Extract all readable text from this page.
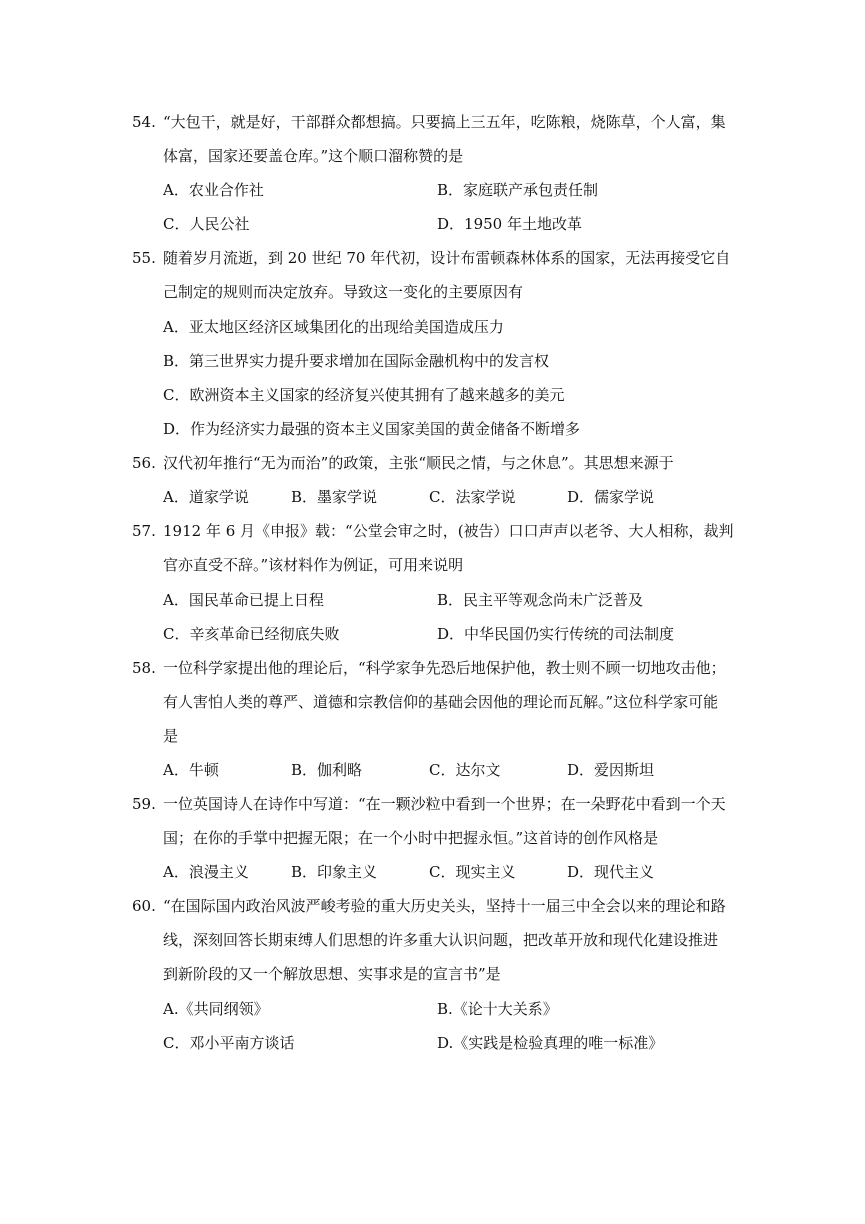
54. “大包干，就是好，干部群众都想搞。只要搞上三五年，吃陈粮，烧陈草，个人富，集
体富，国家还要盖仓库。”这个顺口溜称赞的是
A．农业合作社	B．家庭联产承包责任制
C．人民公社	D．1950 年土地改革
55. 随着岁月流逝，到 20 世纪 70 年代初，设计布雷顿森林体系的国家，无法再接受它自
己制定的规则而决定放弃。导致这一变化的主要原因有
A．亚太地区经济区域集团化的出现给美国造成压力
B．第三世界实力提升要求增加在国际金融机构中的发言权
C．欧洲资本主义国家的经济复兴使其拥有了越来越多的美元
D．作为经济实力最强的资本主义国家美国的黄金储备不断增多
56. 汉代初年推行“无为而治”的政策，主张“顺民之情，与之休息”。其思想来源于
A．道家学说	B．墨家学说	C．法家学说	D．儒家学说
57. 1912 年 6 月《申报》载：“公堂会审之时，(被告）口口声声以老爷、大人相称，裁判
官亦直受不辞。”该材料作为例证，可用来说明
A．国民革命已提上日程	B．民主平等观念尚未广泛普及
C．辛亥革命已经彻底失败	D．中华民国仍实行传统的司法制度
58. 一位科学家提出他的理论后，“科学家争先恐后地保护他，教士则不顾一切地攻击他；
有人害怕人类的尊严、道德和宗教信仰的基础会因他的理论而瓦解。”这位科学家可能
是
A．牛顿	B．伽利略	C．达尔文	D．爱因斯坦
59. 一位英国诗人在诗作中写道：“在一颗沙粒中看到一个世界；在一朵野花中看到一个天
国；在你的手掌中把握无限；在一个小时中把握永恒。”这首诗的创作风格是
A．浪漫主义	B．印象主义	C．现实主义	D．现代主义
60. “在国际国内政治风波严峻考验的重大历史关头，坚持十一届三中全会以来的理论和路
线，深刻回答长期束缚人们思想的许多重大认识问题，把改革开放和现代化建设推进
到新阶段的又一个解放思想、实事求是的宣言书”是
A.《共同纲领》	B.《论十大关系》
C．邓小平南方谈话	D.《实践是检验真理的唯一标准》
